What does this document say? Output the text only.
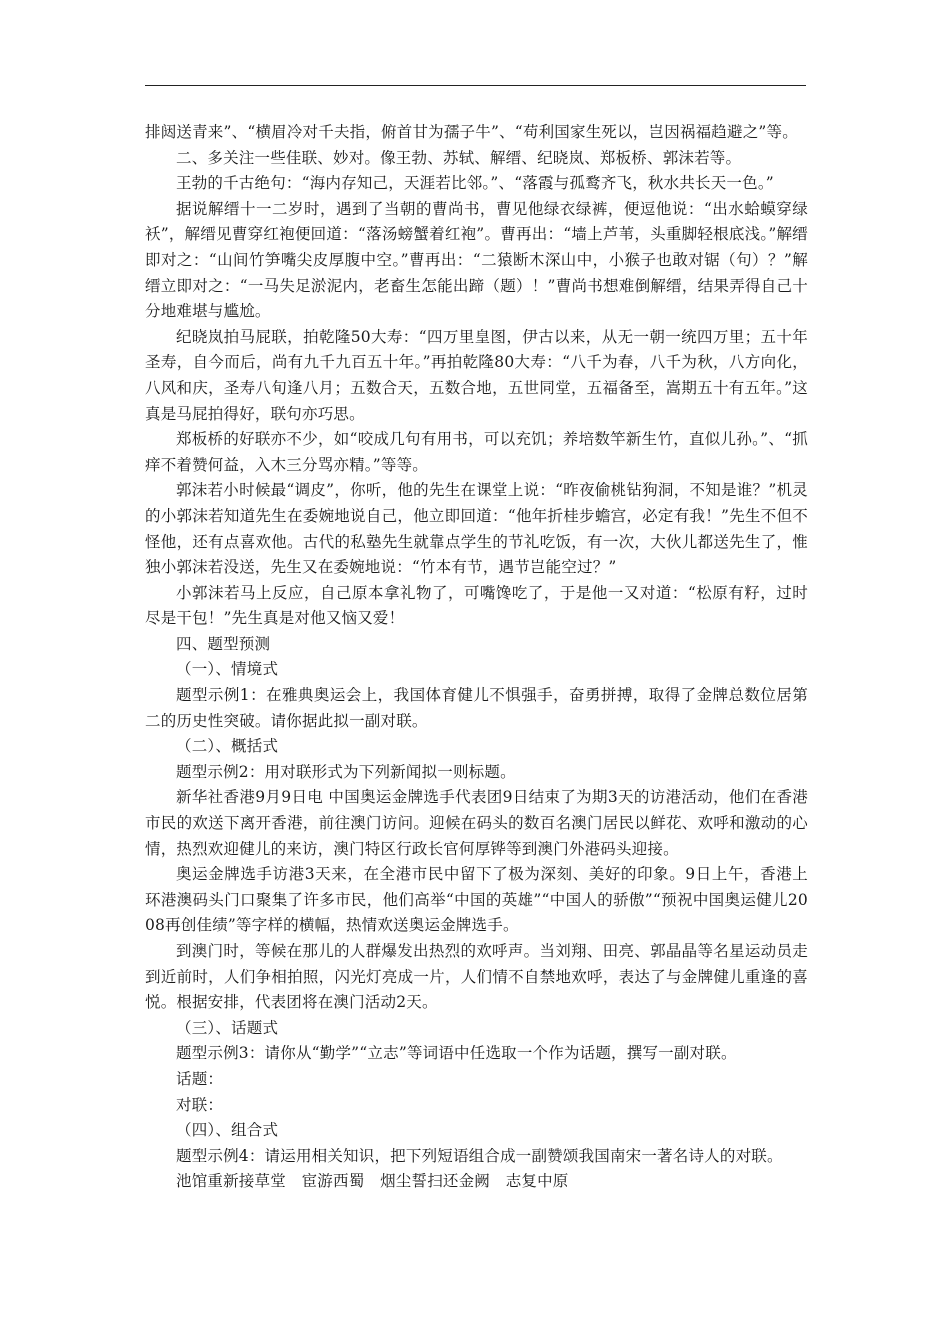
排闼送青来”、“横眉冷对千夫指，俯首甘为孺子牛”、“苟利国家生死以，岂因祸福趋避之”等。

二、多关注一些佳联、妙对。像王勃、苏轼、解缙、纪晓岚、郑板桥、郭沫若等。

王勃的千古绝句：“海内存知己，天涯若比邻。”、“落霞与孤鹜齐飞，秋水共长天一色。”

据说解缙十一二岁时，遇到了当朝的曹尚书，曹见他绿衣绿裤，便逗他说：“出水蛤蟆穿绿袄”，解缙见曹穿红袍便回道：“落汤螃蟹着红袍”。曹再出：“墙上芦苇，头重脚轻根底浅。”解缙即对之：“山间竹笋嘴尖皮厚腹中空。”曹再出：“二猿断木深山中，小猴子也敢对锯（句）？”解缙立即对之：“一马失足淤泥内，老畜生怎能出蹄（题）！”曹尚书想难倒解缙，结果弄得自己十分地难堪与尴尬。

纪晓岚拍马屁联，拍乾隆50大寿：“四万里皇图，伊古以来，从无一朝一统四万里；五十年圣寿，自今而后，尚有九千九百五十年。”再拍乾隆80大寿：“八千为春，八千为秋，八方向化，八风和庆，圣寿八旬逢八月；五数合天，五数合地，五世同堂，五福备至，嵩期五十有五年。”这真是马屁拍得好，联句亦巧思。

郑板桥的好联亦不少，如“咬成几句有用书，可以充饥；养培数竿新生竹，直似儿孙。”、“抓痒不着赞何益，入木三分骂亦精。”等等。

郭沫若小时候最“调皮”，你听，他的先生在课堂上说：“昨夜偷桃钻狗洞，不知是谁？”机灵的小郭沫若知道先生在委婉地说自己，他立即回道：“他年折桂步蟾宫，必定有我！”先生不但不怪他，还有点喜欢他。古代的私塾先生就靠点学生的节礼吃饭，有一次，大伙儿都送先生了，惟独小郭沫若没送，先生又在委婉地说：“竹本有节，遇节岂能空过？”

小郭沫若马上反应，自己原本拿礼物了，可嘴馋吃了，于是他一又对道：“松原有籽，过时尽是干包！”先生真是对他又恼又爱！

四、题型预测

（一）、情境式

题型示例1：在雅典奥运会上，我国体育健儿不惧强手，奋勇拼搏，取得了金牌总数位居第二的历史性突破。请你据此拟一副对联。

（二）、概括式

题型示例2：用对联形式为下列新闻拟一则标题。

新华社香港9月9日电 中国奥运金牌选手代表团9日结束了为期3天的访港活动，他们在香港市民的欢送下离开香港，前往澳门访问。迎候在码头的数百名澳门居民以鲜花、欢呼和激动的心情，热烈欢迎健儿的来访，澳门特区行政长官何厚铧等到澳门外港码头迎接。

奥运金牌选手访港3天来，在全港市民中留下了极为深刻、美好的印象。9日上午，香港上环港澳码头门口聚集了许多市民，他们高举“中国的英雄”“中国人的骄傲”“预祝中国奥运健儿2008再创佳绩”等字样的横幅，热情欢送奥运金牌选手。

到澳门时，等候在那儿的人群爆发出热烈的欢呼声。当刘翔、田亮、郭晶晶等名星运动员走到近前时，人们争相拍照，闪光灯亮成一片，人们情不自禁地欢呼，表达了与金牌健儿重逢的喜悦。根据安排，代表团将在澳门活动2天。

（三）、话题式

题型示例3：请你从“勤学”“立志”等词语中任选取一个作为话题，撰写一副对联。

话题：

对联：

（四）、组合式

题型示例4：请运用相关知识，把下列短语组合成一副赞颂我国南宋一著名诗人的对联。

池馆重新接草堂　宦游西蜀　烟尘誓扫还金阙　志复中原
